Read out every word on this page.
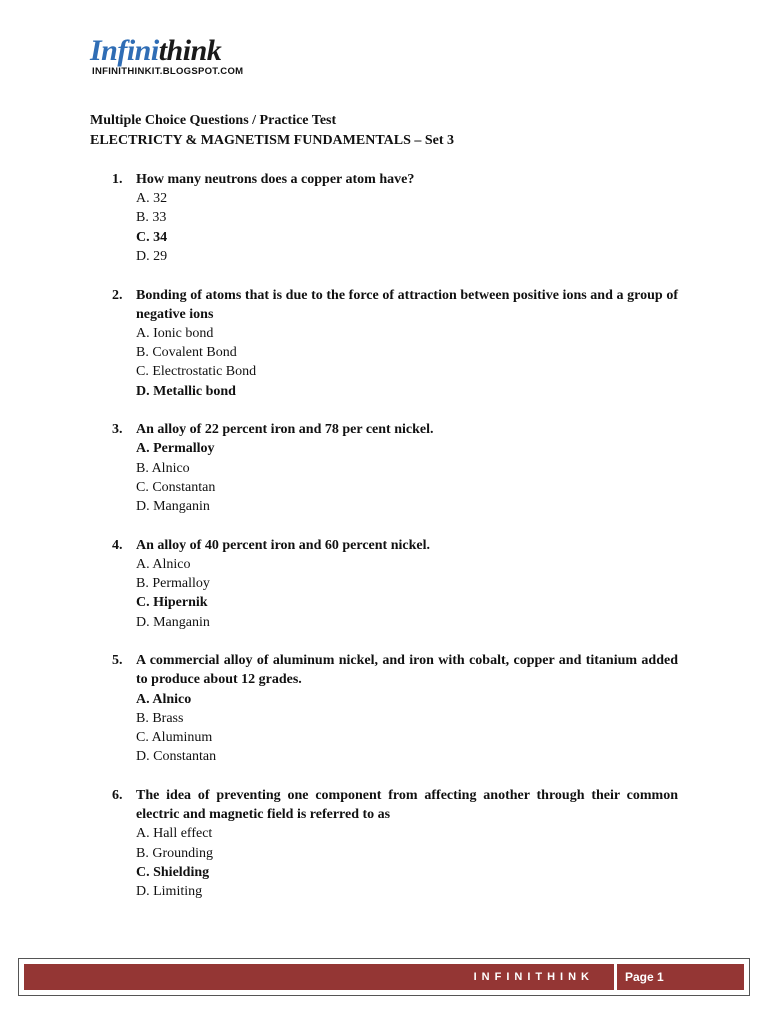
Infinithink
INFINITHINKIT.BLOGSPOT.COM
Multiple Choice Questions / Practice Test
ELECTRICTY & MAGNETISM FUNDAMENTALS – Set 3
1. How many neutrons does a copper atom have?
A. 32
B. 33
C. 34
D. 29
2. Bonding of atoms that is due to the force of attraction between positive ions and a group of negative ions
A. Ionic bond
B. Covalent Bond
C. Electrostatic Bond
D. Metallic bond
3. An alloy of 22 percent iron and 78 per cent nickel.
A. Permalloy
B. Alnico
C. Constantan
D. Manganin
4. An alloy of 40 percent iron and 60 percent nickel.
A. Alnico
B. Permalloy
C. Hipernik
D. Manganin
5. A commercial alloy of aluminum nickel, and iron with cobalt, copper and titanium added to produce about 12 grades.
A. Alnico
B. Brass
C. Aluminum
D. Constantan
6. The idea of preventing one component from affecting another through their common electric and magnetic field is referred to as
A. Hall effect
B. Grounding
C. Shielding
D. Limiting
INFINITHINK	Page 1
